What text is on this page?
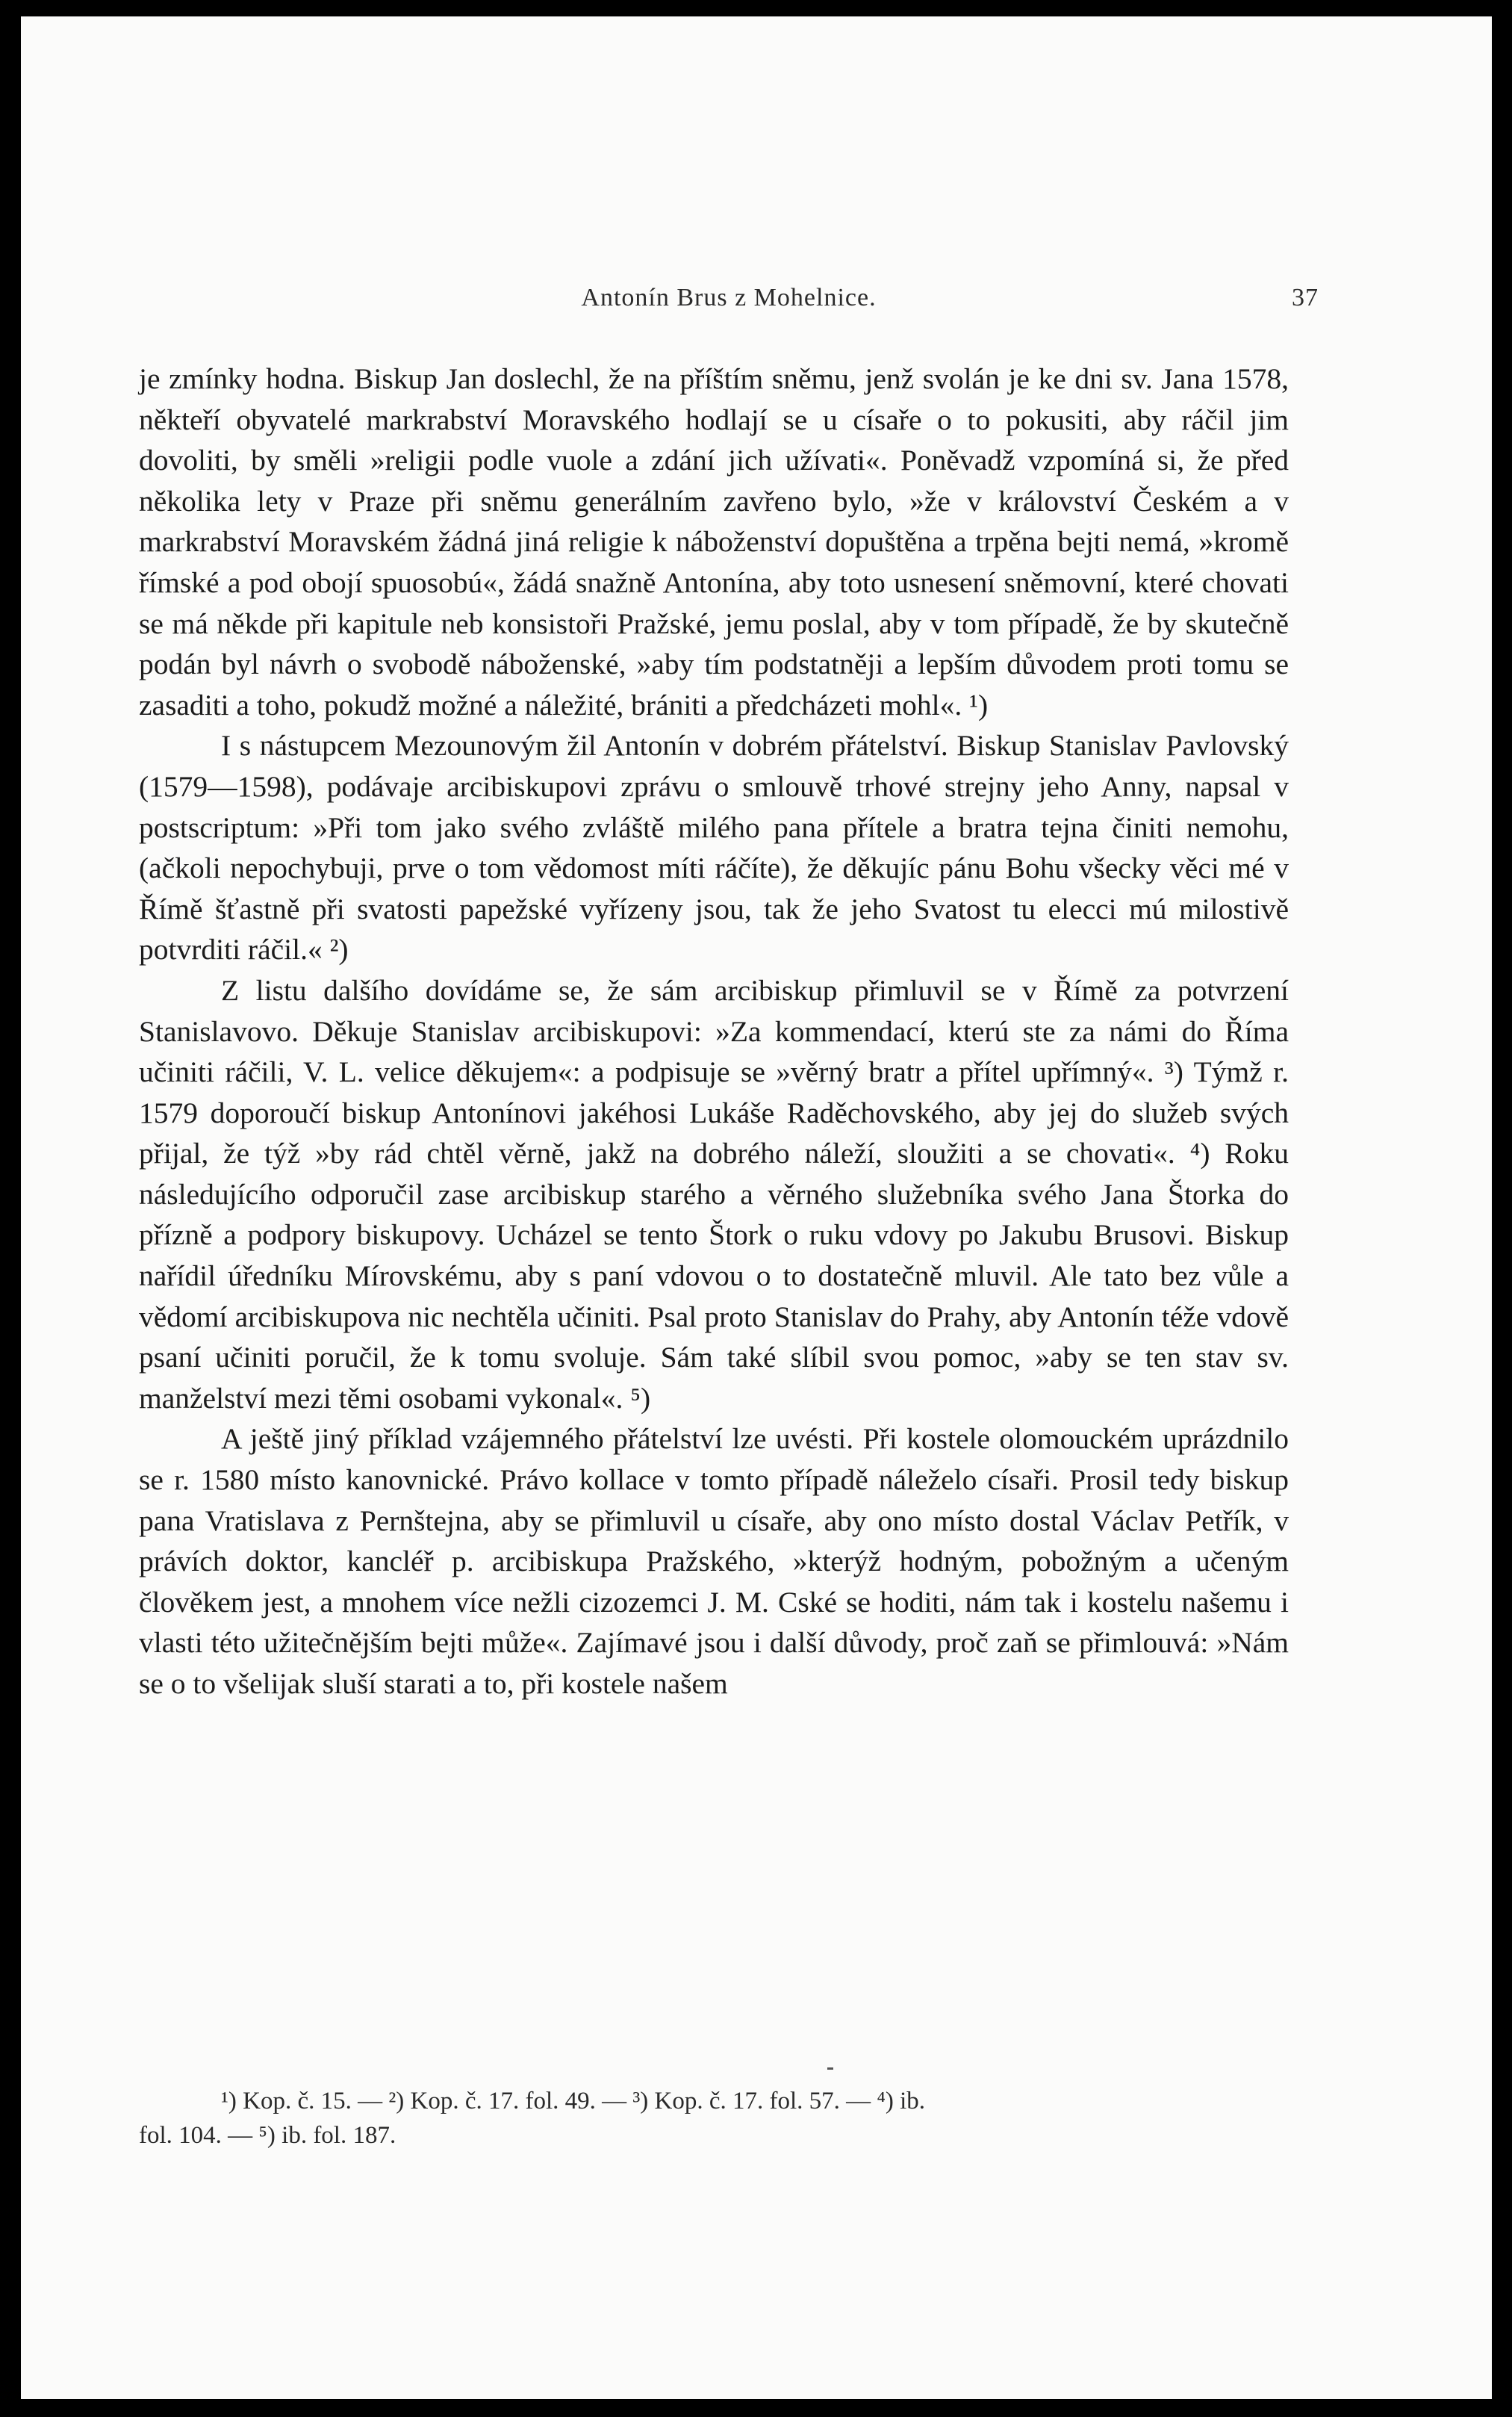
Antonín Brus z Mohelnice.	37

je zmínky hodna. Biskup Jan doslechl, že na příštím sněmu, jenž svolán je ke dni sv. Jana 1578, někteří obyvatelé markrabství Moravského hodlají se u císaře o to pokusiti, aby ráčil jim dovoliti, by směli »religii podle vuole a zdání jich užívati«. Poněvadž vzpomíná si, že před několika lety v Praze při sněmu generálním zavřeno bylo, »že v království Českém a v markrabství Moravském žádná jiná religie k náboženství dopuštěna a trpěna bejti nemá, »kromě římské a pod obojí spuosobú«, žádá snažně Antonína, aby toto usnesení sněmovní, které chovati se má někde při kapitule neb konsistoři Pražské, jemu poslal, aby v tom případě, že by skutečně podán byl návrh o svobodě náboženské, »aby tím podstatněji a lepším důvodem proti tomu se zasaditi a toho, pokudž možné a náležité, brániti a předcházeti mohl«. ¹)

I s nástupcem Mezounovým žil Antonín v dobrém přátelství. Biskup Stanislav Pavlovský (1579—1598), podávaje arcibiskupovi zprávu o smlouvě trhové strejny jeho Anny, napsal v postscriptum: »Při tom jako svého zvláště milého pana přítele a bratra tejna činiti nemohu, (ačkoli nepochybuji, prve o tom vědomost míti ráčíte), že děkujíc pánu Bohu všecky věci mé v Římě šťastně při svatosti papežské vyřízeny jsou, tak že jeho Svatost tu elecci mú milostivě potvrditi ráčil.« ²)

Z listu dalšího dovídáme se, že sám arcibiskup přimluvil se v Římě za potvrzení Stanislavovo. Děkuje Stanislav arcibiskupovi: »Za kommendací, kterú ste za námi do Říma učiniti ráčili, V. L. velice děkujem«: a podpisuje se »věrný bratr a přítel upřímný«. ³) Týmž r. 1579 doporoučí biskup Antonínovi jakéhosi Lukáše Raděchovského, aby jej do služeb svých přijal, že týž »by rád chtěl věrně, jakž na dobrého náleží, sloužiti a se chovati«. ⁴) Roku následujícího odporučil zase arcibiskup starého a věrného služebníka svého Jana Štorka do přízně a podpory biskupovy. Ucházel se tento Štork o ruku vdovy po Jakubu Brusovi. Biskup nařídil úředníku Mírovskému, aby s paní vdovou o to dostatečně mluvil. Ale tato bez vůle a vědomí arcibiskupova nic nechtěla učiniti. Psal proto Stanislav do Prahy, aby Antonín téže vdově psaní učiniti poručil, že k tomu svoluje. Sám také slíbil svou pomoc, »aby se ten stav sv. manželství mezi těmi osobami vykonal«. ⁵)

A ještě jiný příklad vzájemného přátelství lze uvésti. Při kostele olomouckém uprázdnilo se r. 1580 místo kanovnické. Právo kollace v tomto případě náleželo císaři. Prosil tedy biskup pana Vratislava z Pernštejna, aby se přimluvil u císaře, aby ono místo dostal Václav Petřík, v právích doktor, kancléř p. arcibiskupa Pražského, »kterýž hodným, pobožným a učeným člověkem jest, a mnohem více nežli cizozemci J. M. Cské se hoditi, nám tak i kostelu našemu i vlasti této užitečnějším bejti může«. Zajímavé jsou i další důvody, proč zaň se přimlouvá: »Nám se o to všelijak sluší starati a to, při kostele našem

¹) Kop. č. 15. — ²) Kop. č. 17. fol. 49. — ³) Kop. č. 17. fol. 57. — ⁴) ib.

fol. 104. — ⁵) ib. fol. 187.
